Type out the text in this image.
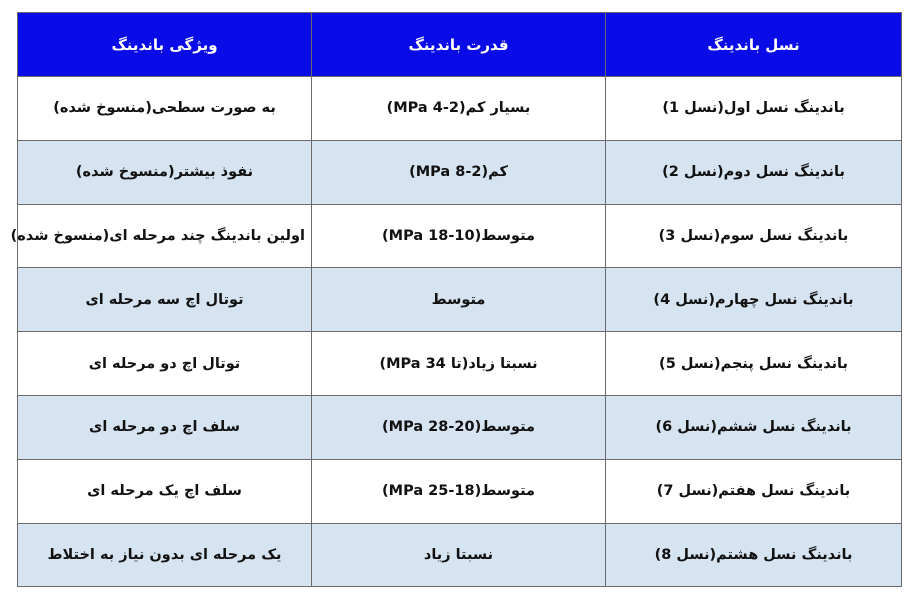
نسل باندینگ	قدرت باندینگ	ویژگی باندینگ
باندینگ نسل اول(نسل 1)	بسیار کم(2-4 MPa)	به صورت سطحی(منسوخ شده)
باندینگ نسل دوم(نسل 2)	کم(2-8 MPa)	نفوذ بیشتر(منسوخ شده)
باندینگ نسل سوم(نسل 3)	متوسط(10-18 MPa)	اولین باندینگ چند مرحله ای(منسوخ شده)
باندینگ نسل چهارم(نسل 4)	متوسط	توتال اچ سه مرحله ای
باندینگ نسل پنجم(نسل 5)	نسبتا زیاد(تا 34 MPa)	توتال اچ دو مرحله ای
باندینگ نسل ششم(نسل 6)	متوسط(20-28 MPa)	سلف اچ دو مرحله ای
باندینگ نسل هفتم(نسل 7)	متوسط(18-25 MPa)	سلف اچ یک مرحله ای
باندینگ نسل هشتم(نسل 8)	نسبتا زیاد	یک مرحله ای بدون نیاز به اختلاط
